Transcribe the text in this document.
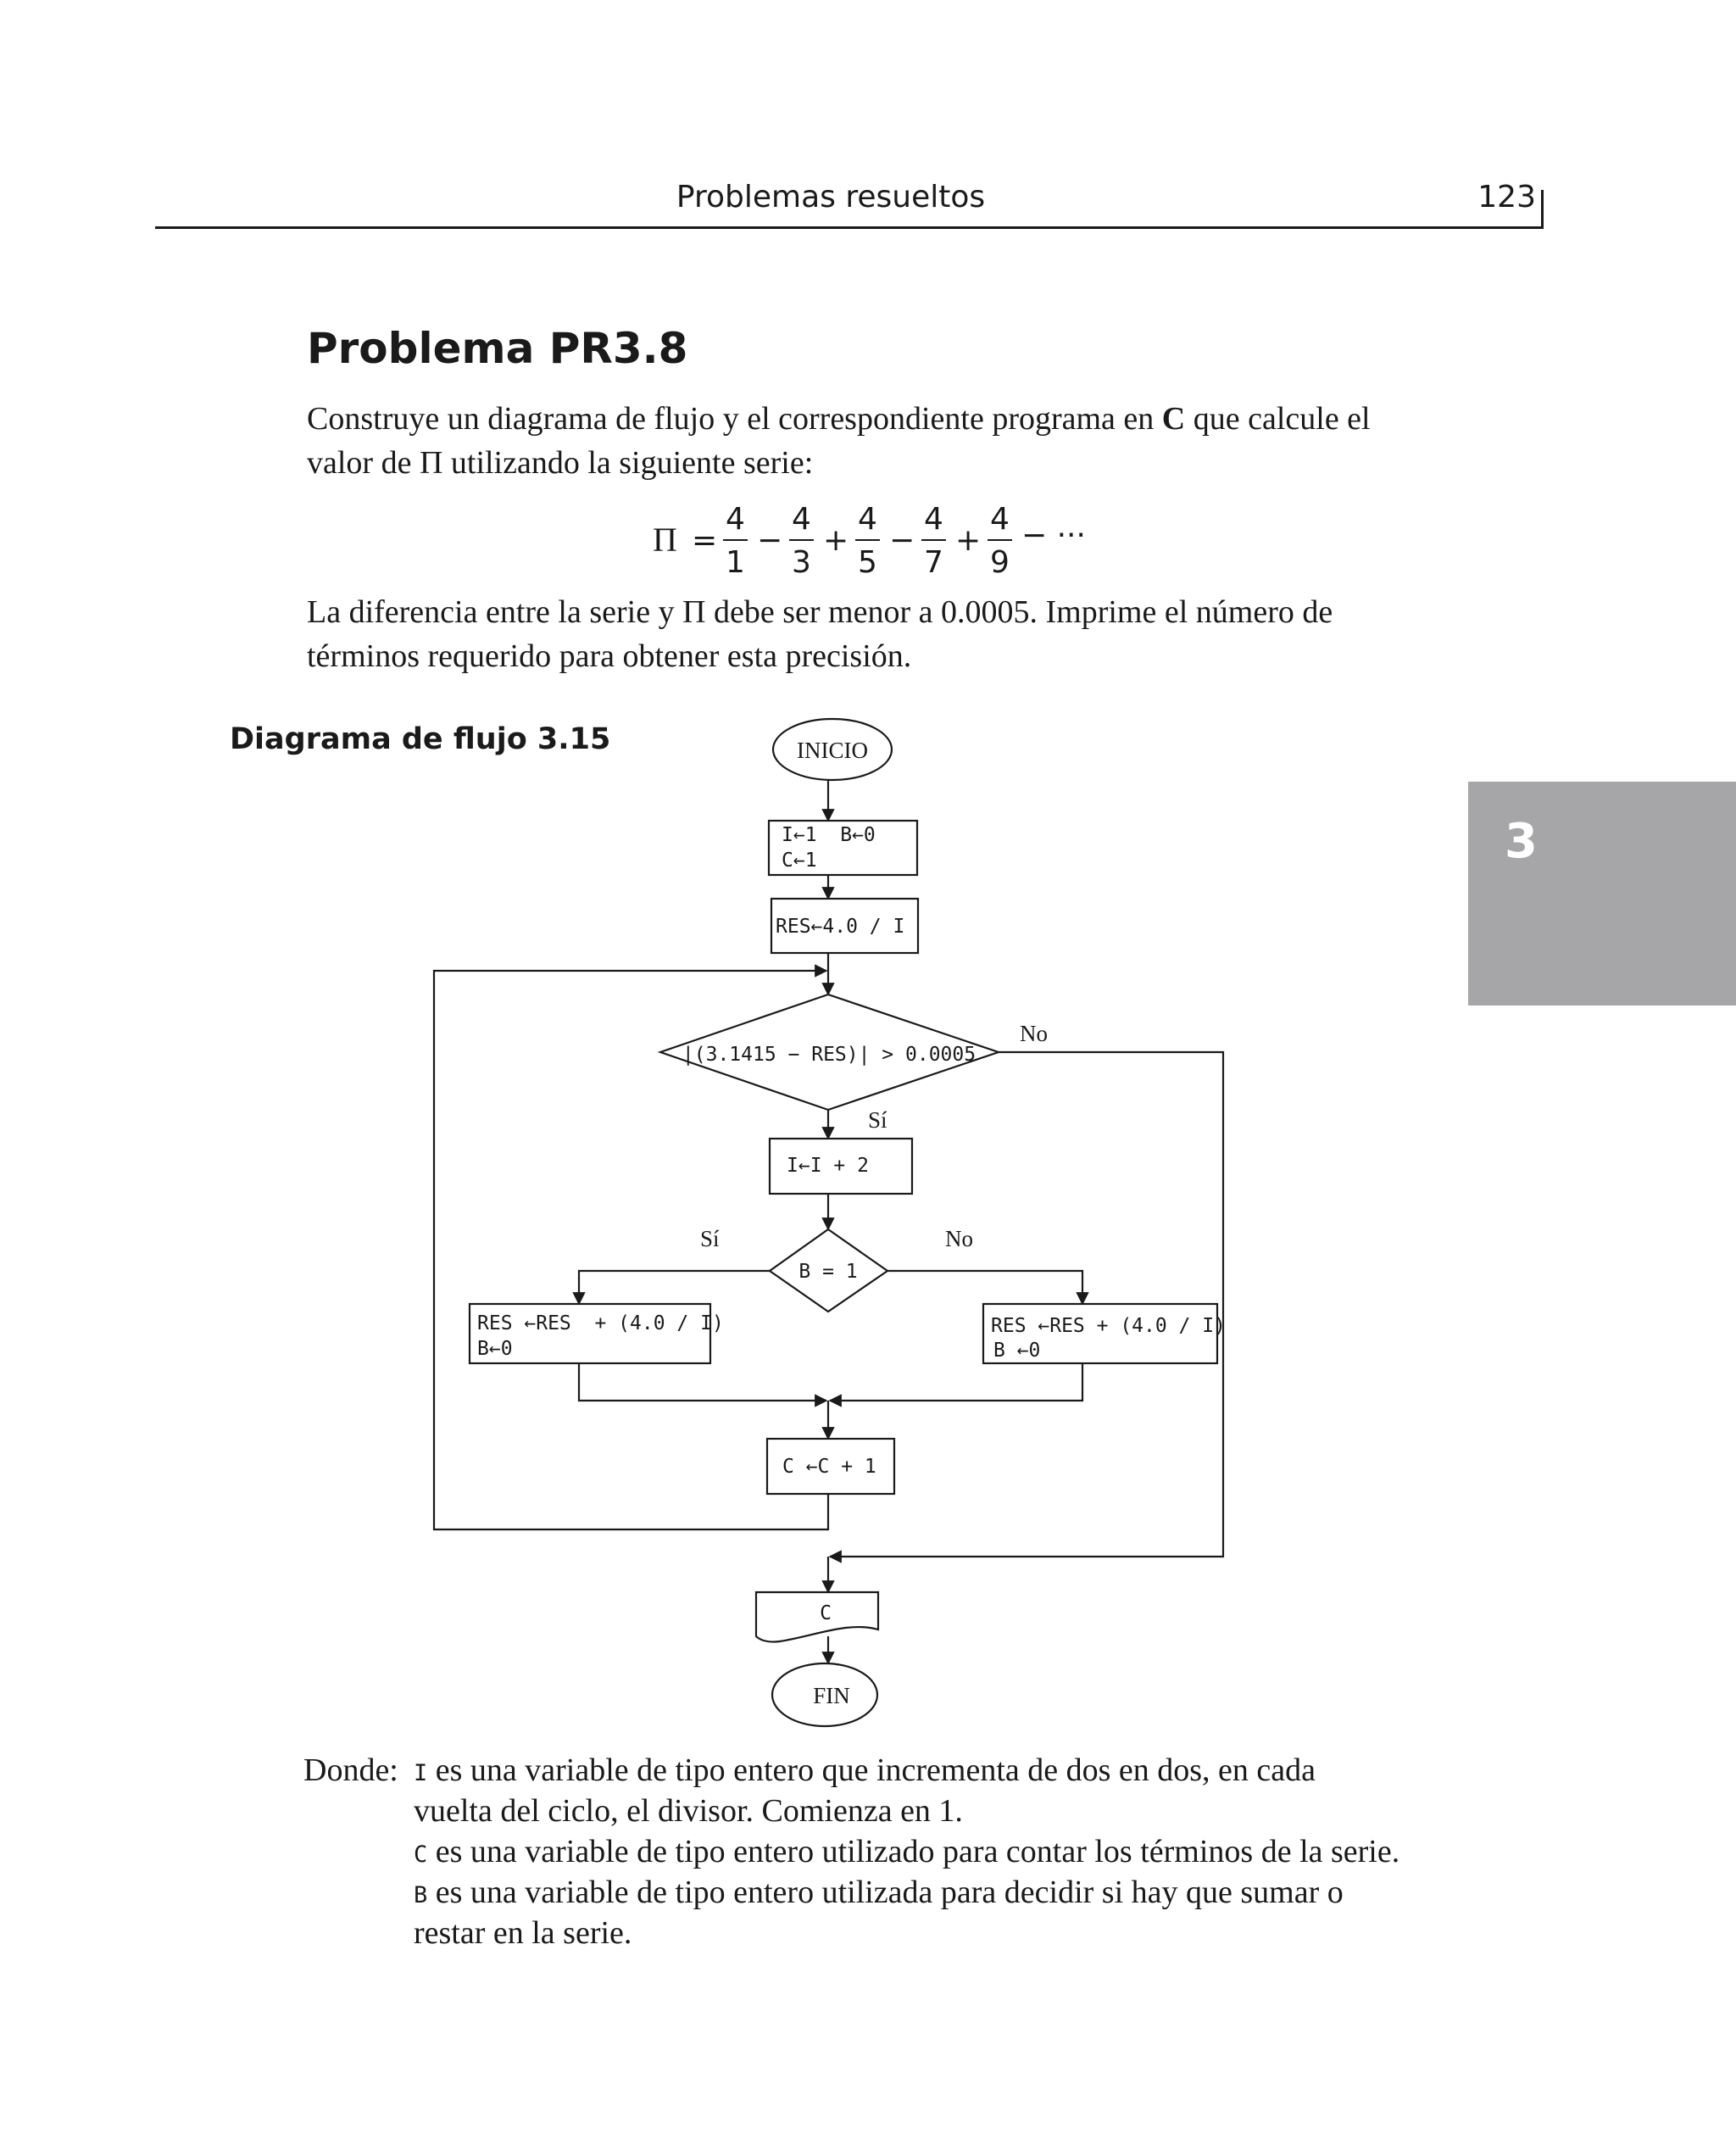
Problemas resueltos	123
3
Problema PR3.8
Construye un diagrama de flujo y el correspondiente programa en C que calcule el valor de Π utilizando la siguiente serie:
Π =
4
1
−
4
3
+
4
5
−
4
7
+
4
9
− ···
La diferencia entre la serie y Π debe ser menor a 0.0005. Imprime el número de términos requerido para obtener esta precisión.
Diagrama de flujo 3.15	INICIO
I←1  B←0
C←1
RES←4.0 / I
|(3.1415 − RES)| > 0.0005
No
Sí
I←I + 2
B = 1
Sí	No
RES ←RES  + (4.0 / I)
B←0
RES ←RES + (4.0 / I)
B ←0
C ←C + 1
C
FIN
Donde: I es una variable de tipo entero que incrementa de dos en dos, en cada
vuelta del ciclo, el divisor. Comienza en 1.
C es una variable de tipo entero utilizado para contar los términos de la serie.
B es una variable de tipo entero utilizada para decidir si hay que sumar o
restar en la serie.
